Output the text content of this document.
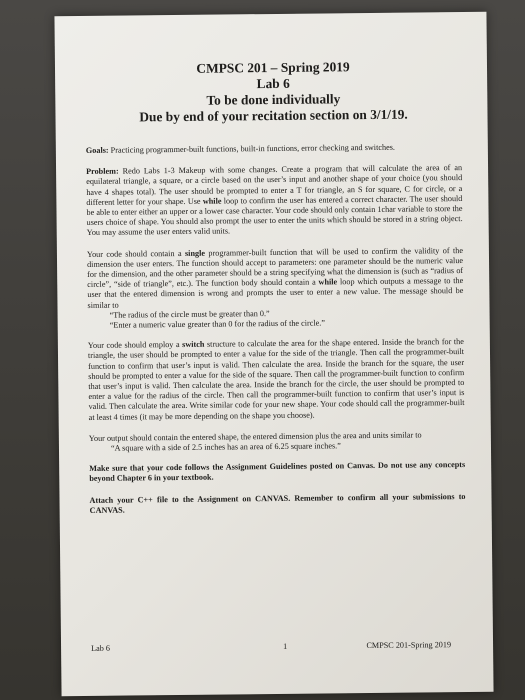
CMPSC 201 – Spring 2019
Lab 6
To be done individually
Due by end of your recitation section on 3/1/19.

Goals: Practicing programmer-built functions, built-in functions, error checking and switches.

Problem: Redo Labs 1-3 Makeup with some changes. Create a program that will calculate the area of an equilateral triangle, a square, or a circle based on the user’s input and another shape of your choice (you should have 4 shapes total). The user should be prompted to enter a T for triangle, an S for square, C for circle, or a different letter for your shape. Use while loop to confirm the user has entered a correct character. The user should be able to enter either an upper or a lower case character. Your code should only contain 1char variable to store the users choice of shape. You should also prompt the user to enter the units which should be stored in a string object. You may assume the user enters valid units.

Your code should contain a single programmer-built function that will be used to confirm the validity of the dimension the user enters. The function should accept to parameters: one parameter should be the numeric value for the dimension, and the other parameter should be a string specifying what the dimension is (such as “radius of circle”, “side of triangle”, etc.). The function body should contain a while loop which outputs a message to the user that the entered dimension is wrong and prompts the user to enter a new value. The message should be similar to

“The radius of the circle must be greater than 0.”
“Enter a numeric value greater than 0 for the radius of the circle.”

Your code should employ a switch structure to calculate the area for the shape entered. Inside the branch for the triangle, the user should be prompted to enter a value for the side of the triangle. Then call the programmer-built function to confirm that user’s input is valid. Then calculate the area. Inside the branch for the square, the user should be prompted to enter a value for the side of the square. Then call the programmer-built function to confirm that user’s input is valid. Then calculate the area. Inside the branch for the circle, the user should be prompted to enter a value for the radius of the circle. Then call the programmer-built function to confirm that user’s input is valid. Then calculate the area. Write similar code for your new shape. Your code should call the programmer-built at least 4 times (it may be more depending on the shape you choose).

Your output should contain the entered shape, the entered dimension plus the area and units similar to

“A square with a side of 2.5 inches has an area of 6.25 square inches.”

Make sure that your code follows the Assignment Guidelines posted on Canvas. Do not use any concepts beyond Chapter 6 in your textbook.

Attach your C++ file to the Assignment on CANVAS. Remember to confirm all your submissions to CANVAS.

Lab 6	1	CMPSC 201-Spring 2019
